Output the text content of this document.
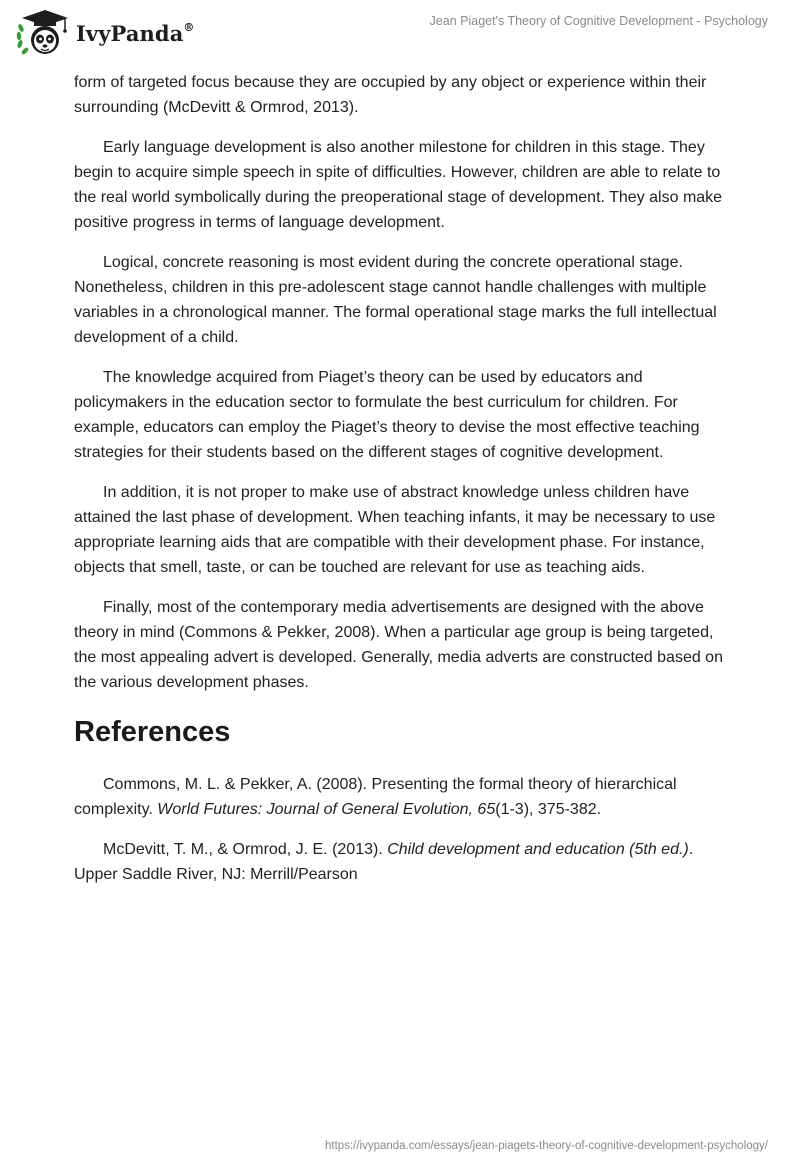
IvyPanda®	Jean Piaget's Theory of Cognitive Development - Psychology

form of targeted focus because they are occupied by any object or experience within their surrounding (McDevitt & Ormrod, 2013).

Early language development is also another milestone for children in this stage. They begin to acquire simple speech in spite of difficulties. However, children are able to relate to the real world symbolically during the preoperational stage of development. They also make positive progress in terms of language development.

Logical, concrete reasoning is most evident during the concrete operational stage. Nonetheless, children in this pre-adolescent stage cannot handle challenges with multiple variables in a chronological manner. The formal operational stage marks the full intellectual development of a child.

The knowledge acquired from Piaget’s theory can be used by educators and policymakers in the education sector to formulate the best curriculum for children. For example, educators can employ the Piaget’s theory to devise the most effective teaching strategies for their students based on the different stages of cognitive development.

In addition, it is not proper to make use of abstract knowledge unless children have attained the last phase of development. When teaching infants, it may be necessary to use appropriate learning aids that are compatible with their development phase. For instance, objects that smell, taste, or can be touched are relevant for use as teaching aids.

Finally, most of the contemporary media advertisements are designed with the above theory in mind (Commons & Pekker, 2008). When a particular age group is being targeted, the most appealing advert is developed. Generally, media adverts are constructed based on the various development phases.

References

Commons, M. L. & Pekker, A. (2008). Presenting the formal theory of hierarchical complexity. World Futures: Journal of General Evolution, 65(1-3), 375-382.

McDevitt, T. M., & Ormrod, J. E. (2013). Child development and education (5th ed.). Upper Saddle River, NJ: Merrill/Pearson

https://ivypanda.com/essays/jean-piagets-theory-of-cognitive-development-psychology/
